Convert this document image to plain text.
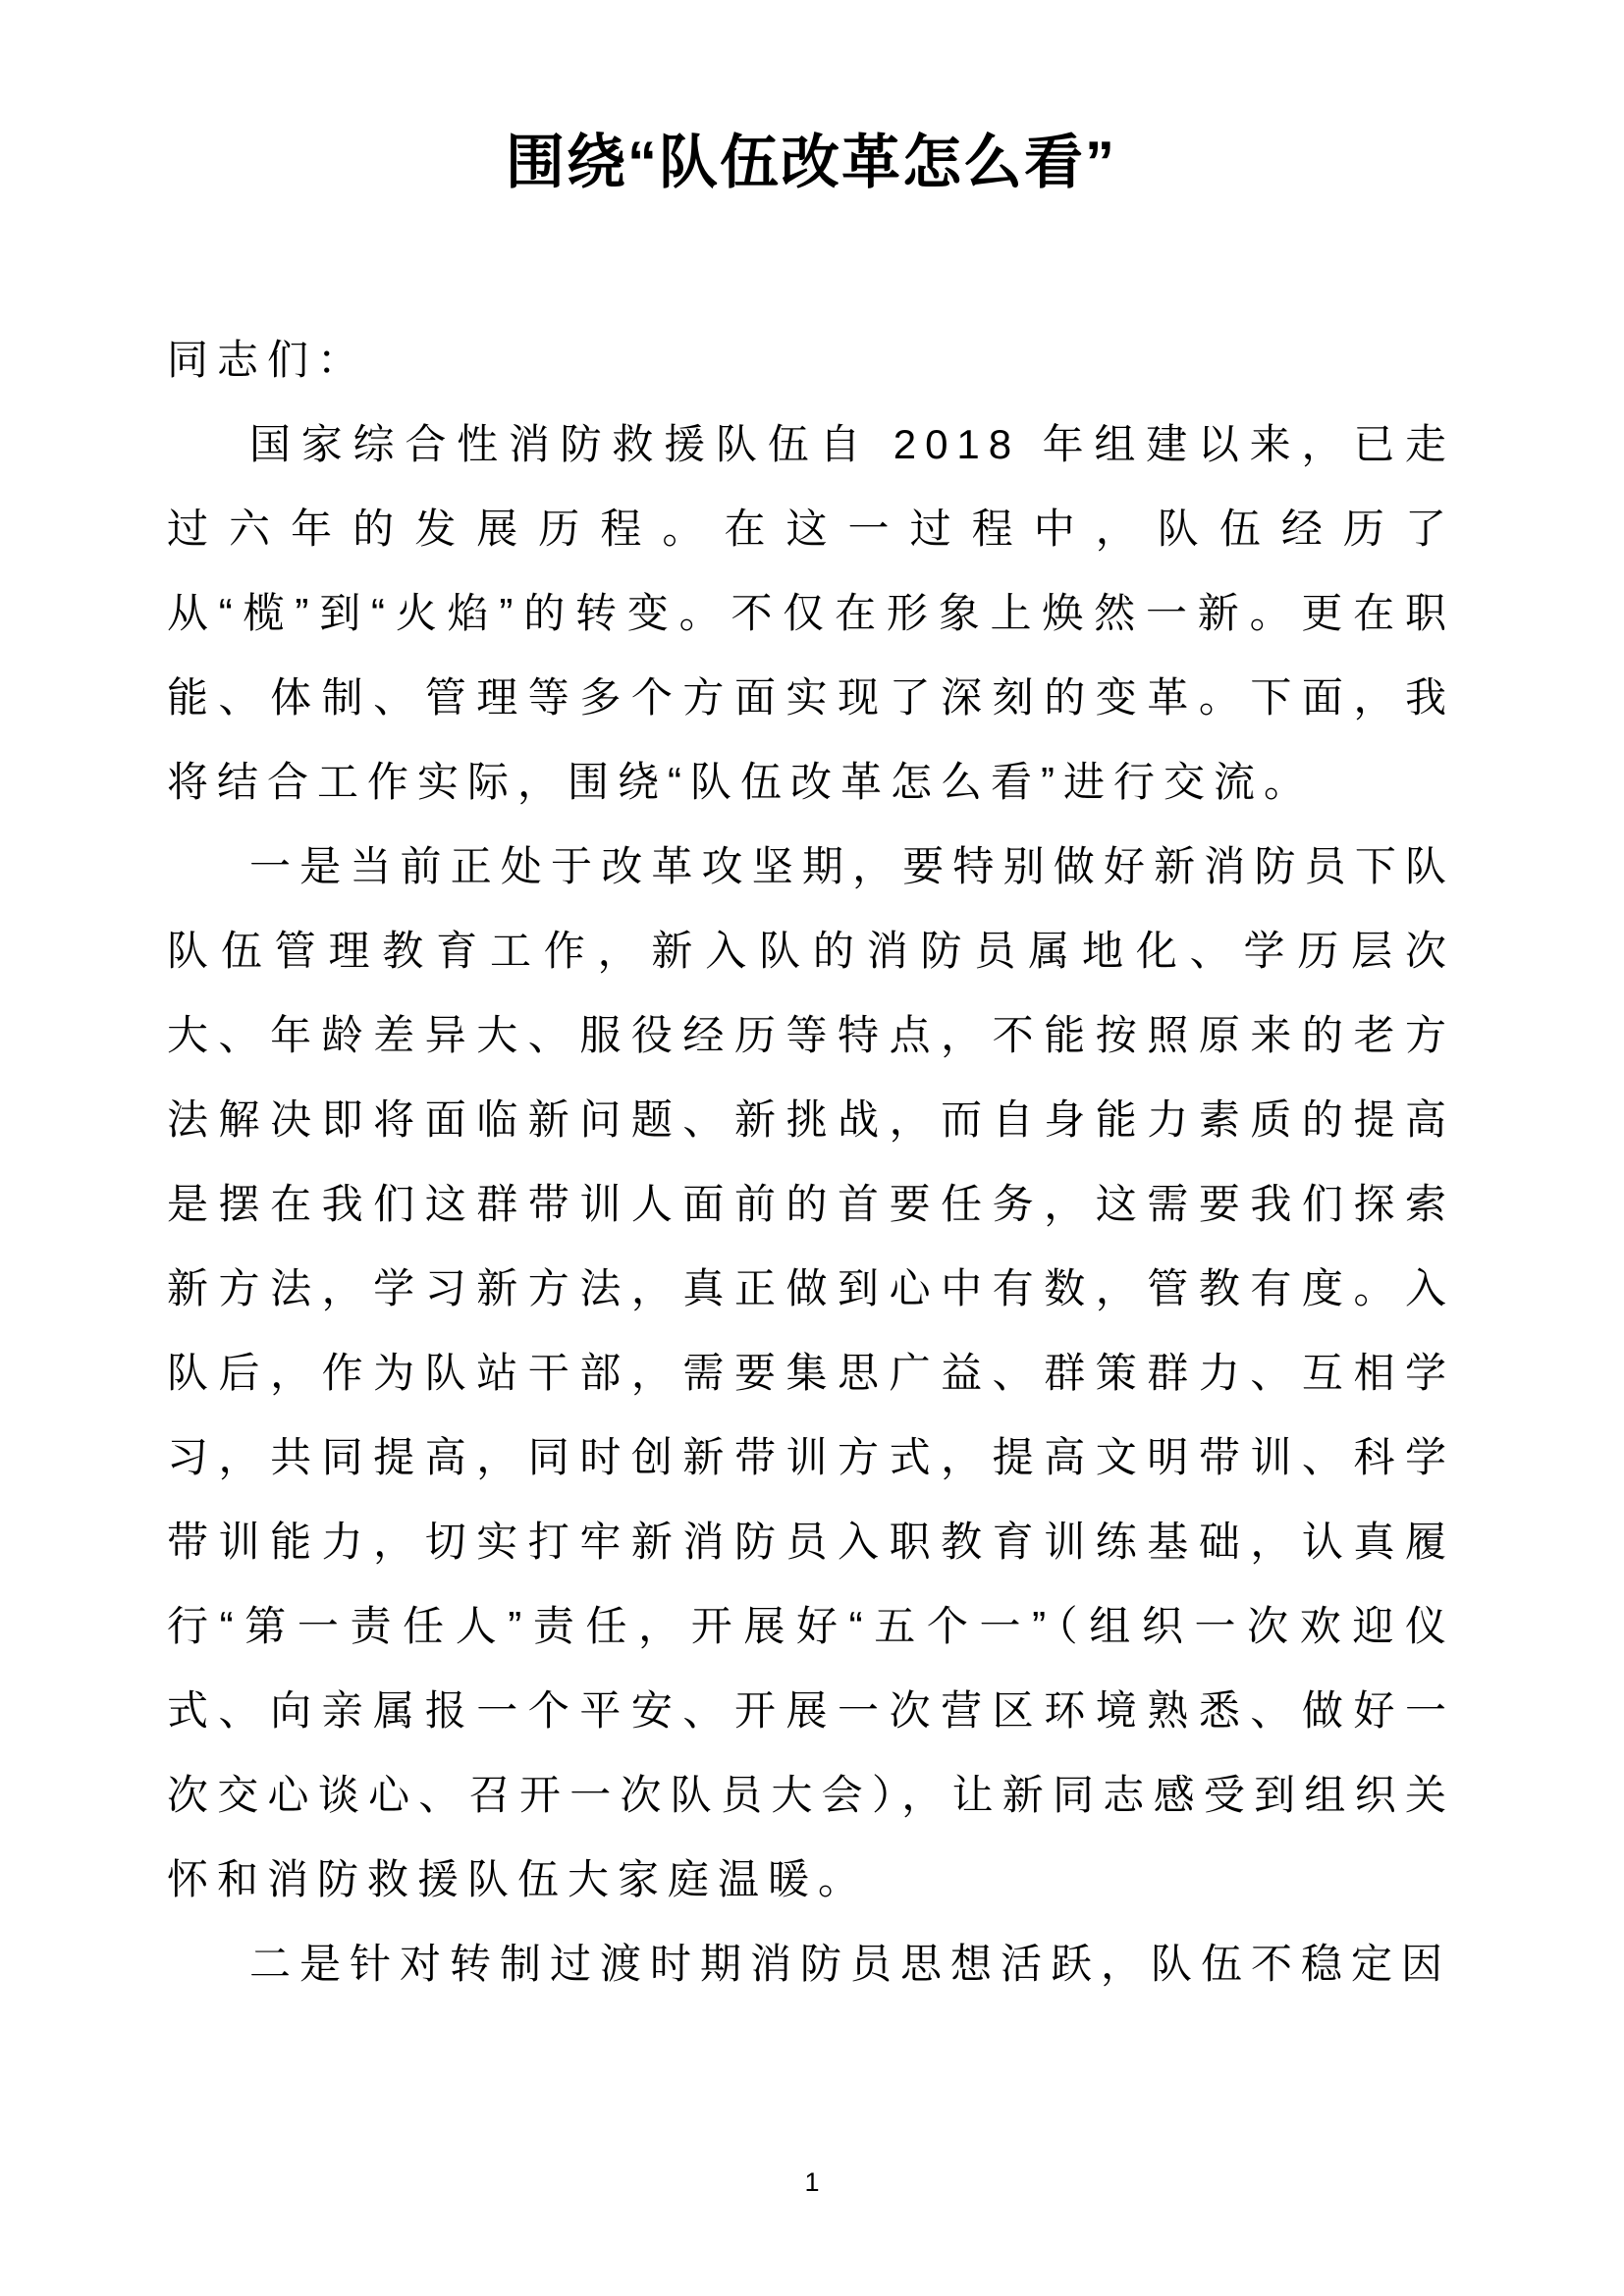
围绕“队伍改革怎么看”

同志们：

国家综合性消防救援队伍自 2018 年组建以来，已走过六年的发展历程。在这一过程中，队伍经历了从“榄”到“火焰”的转变。不仅在形象上焕然一新。更在职能、体制、管理等多个方面实现了深刻的变革。下面，我将结合工作实际，围绕“队伍改革怎么看”进行交流。

一是当前正处于改革攻坚期，要特别做好新消防员下队队伍管理教育工作，新入队的消防员属地化、学历层次大、年龄差异大、服役经历等特点，不能按照原来的老方法解决即将面临新问题、新挑战，而自身能力素质的提高是摆在我们这群带训人面前的首要任务，这需要我们探索新方法，学习新方法，真正做到心中有数，管教有度。入队后，作为队站干部，需要集思广益、群策群力、互相学习，共同提高，同时创新带训方式，提高文明带训、科学带训能力，切实打牢新消防员入职教育训练基础，认真履行“第一责任人”责任，开展好“五个一”（组织一次欢迎仪式、向亲属报一个平安、开展一次营区环境熟悉、做好一次交心谈心、召开一次队员大会），让新同志感受到组织关怀和消防救援队伍大家庭温暖。

二是针对转制过渡时期消防员思想活跃，队伍不稳定因

1
